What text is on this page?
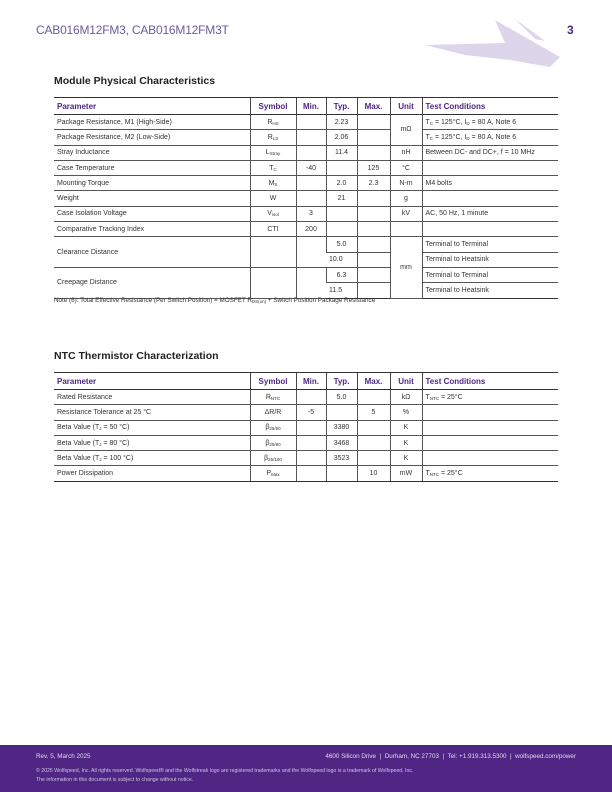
CAB016M12FM3, CAB016M12FM3T	3
Module Physical Characteristics
Parameter	Symbol	Min.	Typ.	Max.	Unit	Test Conditions
Package Resistance, M1 (High-Side)	$R_{HS}$		2.23		mΩ	$T_C = 125^\circ C$, $I_D = 80$ A, Note 6
Package Resistance, M2 (Low-Side)	$R_{LS}$		2.06			$T_C = 125^\circ C$, $I_D = 80$ A, Note 6
Stray Inductance	$L_{Stray}$		11.4		nH	Between DC- and DC+, f = 10 MHz
Case Temperature	$T_C$	-40		125	°C	
Mounting Torque	$M_S$		2.0	2.3	N-m	M4 bolts
Weight	W		21		g	
Case Isolation Voltage	$V_{isol}$	3			kV	AC, 50 Hz, 1 minute
Comparative Tracking Index	CTI	200				
Clearance Distance			5.0		mm	Terminal to Terminal
			10.0			Terminal to Heatsink
Creepage Distance			6.3			Terminal to Terminal
			11.5			Terminal to Heatsink
Note (6): Total Effective Resistance (Per Switch Position) = MOSFET $R_{DS(on)}$ + Switch Position Package Resistance
NTC Thermistor Characterization
Parameter	Symbol	Min.	Typ.	Max.	Unit	Test Conditions
Rated Resistance	$R_{NTC}$		5.0		kΩ	$T_{NTC} = 25^\circ C$
Resistance Tolerance at 25 °C	ΔR/R	-5		5	%	
Beta Value ($T_J = 50$ °C)	$\beta_{25/50}$		3380		K	
Beta Value ($T_J = 80$ °C)	$\beta_{25/80}$		3468		K	
Beta Value ($T_J = 100$ °C)	$\beta_{25/100}$		3523		K	
Power Dissipation	$P_{Max}$			10	mW	$T_{NTC} = 25^\circ C$
Rev. 5, March 2025	4600 Silicon Drive  |  Durham, NC 27703  |  Tel: +1.919.313.5300  |  wolfspeed.com/power
© 2025 Wolfspeed, Inc. All rights reserved. Wolfspeed® and the Wolfstreak logo are registered trademarks and the Wolfspeed logo is a trademark of Wolfspeed, Inc.
The information in this document is subject to change without notice.
